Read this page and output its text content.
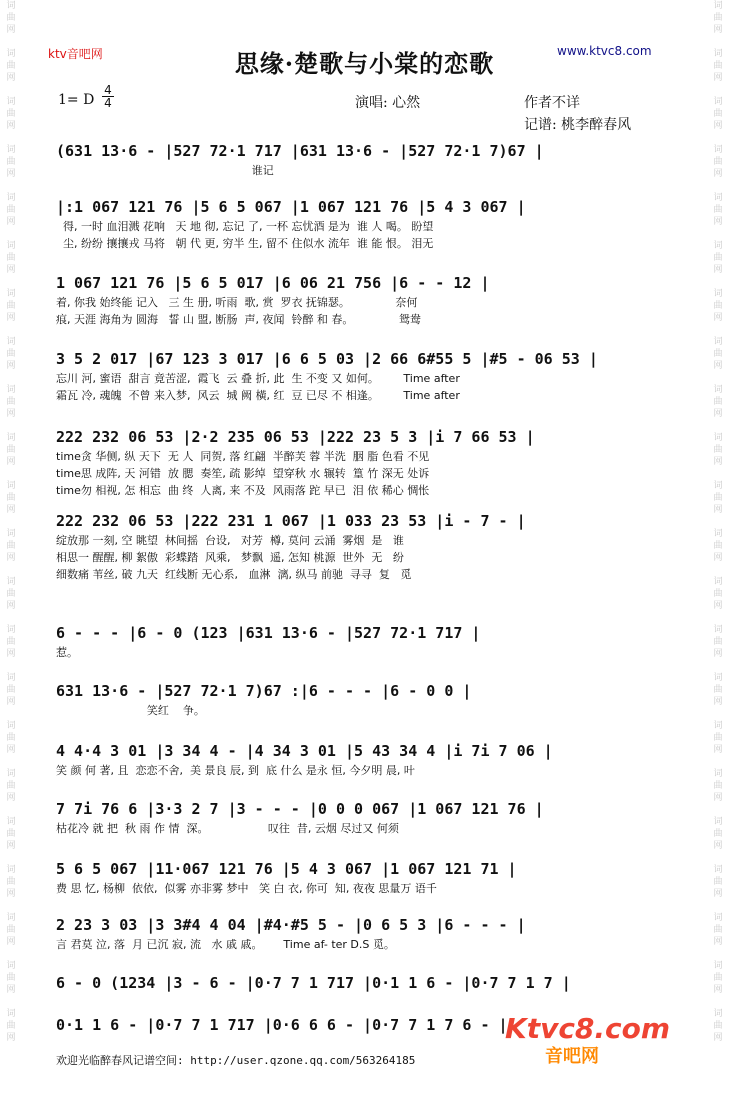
词
曲
网

词
曲
网

词
曲
网

词
曲
网

词
曲
网

词
曲
网

词
曲
网

词
曲
网

词
曲
网

词
曲
网

词
曲
网

词
曲
网

词
曲
网

词
曲
网

词
曲
网

词
曲
网

词
曲
网

词
曲
网

词
曲
网

词
曲
网

词
曲
网

词
曲
网

词
曲
网

词
曲
网

词
曲
网

词
曲
网

词
曲
网

词
曲
网

词
曲
网

词
曲
网

词
曲
网

词
曲
网

词
曲
网

词
曲
网

词
曲
网

词
曲
网

词
曲
网

词
曲
网

词
曲
网

词
曲
网

词
曲
网

词
曲
网

词
曲
网

词
曲
网

ktv音吧网	www.ktvc8.com
思缘·楚歌与小棠的恋歌
1= D
4
4	演唱: 心然	作者不详
记谱: 桃李醉春风
(631 13·6 - |527 72·1 717 |631 13·6 - |527 72·1 7)67 |
谁记
|:1 067 121 76 |5 6 5 067 |1 067 121 76 |5 4 3 067 |
得, 一时 血泪溅 花响   天 地 彻, 忘记 了, 一杯 忘忧酒 是为  谁 人 喝。 盼望
尘, 纷纷 攘攘戎 马将   朝 代 更, 穷半 生, 留不 住似水 流年  谁 能 恨。 泪无
1 067 121 76 |5 6 5 017 |6 06 21 756 |6 - - 12 |
着, 你我 始终能 记入   三 生 册, 听雨  歌, 赏  罗衣 抚锦瑟。             奈何
痕, 天涯 海角为 圆海   誓 山 盟, 断肠  声, 夜闻  铃醉 和 春。             鸳鸯
3 5 2 017 |67 123 3 017 |6 6 5 03 |2 66 6#55 5 |#5 - 06 53 |
忘川 河, 蜜语  甜言 竟苦涩,  霞飞  云 叠 折, 此  生 不变 又 如何。       Time after
霜瓦 冷, 魂魄  不曾 来入梦,  风云  城 阙 橫, 红  豆 已尽 不 相逢。       Time after
222 232 06 53 |2·2 235 06 53 |222 23 5 3 |i 7 66 53 |
time贪 华侧, 纵 天下  无 人  同贺, 落 红翩  半醉芙 蓉 半洗  胭 脂 色看 不见
time思 成阵, 天 河错  放 腮  奏笙, 疏 影绰  望穿秋 水 辗转  篁 竹 深无 处诉
time勿 相视, 怎 相忘  曲 终  人离, 来 不及  风雨落 跎 早已  泪 依 稀心 惆怅
222 232 06 53 |222 231 1 067 |1 033 23 53 |i - 7 - |
绽放那 一刻, 空 眺望  林间摇  台设,   对芳  樽, 莫问 云涌  雾烟  是   谁
相思一 醒醒, 柳 絮傲  彩蝶踏  风乘,   梦飘  遥, 怎知 桃源  世外  无   纷
细数痛 苇丝, 破 九天  红线断 无心系,   血淋  漓, 纵马 前驰  寻寻  复   觅
6 - - - |6 - 0 (123 |631 13·6 - |527 72·1 717 |
惹。
631 13·6 - |527 72·1 7)67 :|6 - - - |6 - 0 0 |
笑红    争。
4 4·4 3 01 |3 34 4 - |4 34 3 01 |5 43 34 4 |i 7i 7 06 |
笑 颜 何 著, 且  恋恋不舍,  美 景良 辰, 到  底 什么 是永 恒, 今夕明 晨, 叶
7 7i 76 6 |3·3 2 7 |3 - - - |0 0 0 067 |1 067 121 76 |
枯花冷 就 把  秋 雨 作 情  深。                 叹往  昔, 云烟 尽过又 何须
5 6 5 067 |11·067 121 76 |5 4 3 067 |1 067 121 71 |
费 思 忆, 杨柳  依依,  似雾 亦非雾 梦中   笑 白 衣, 你可  知, 夜夜 思量万 语千
2 23 3 03 |3 3#4 4 04 |#4·#5 5 - |0 6 5 3 |6 - - - |
言 君莫 泣, 落  月 已沉 寂, 流   水 戚 戚。      Time af- ter D.S 觅。
6 - 0 (1234 |3 - 6 - |0·7 7 1 717 |0·1 1 6 - |0·7 7 1 7 |
0·1 1 6 - |0·7 7 1 717 |0·6 6 6 - |0·7 7 1 7 6 - |
欢迎光临醉春风记谱空间: http://user.qzone.qq.com/563264185
Ktvc8.com
音吧网
